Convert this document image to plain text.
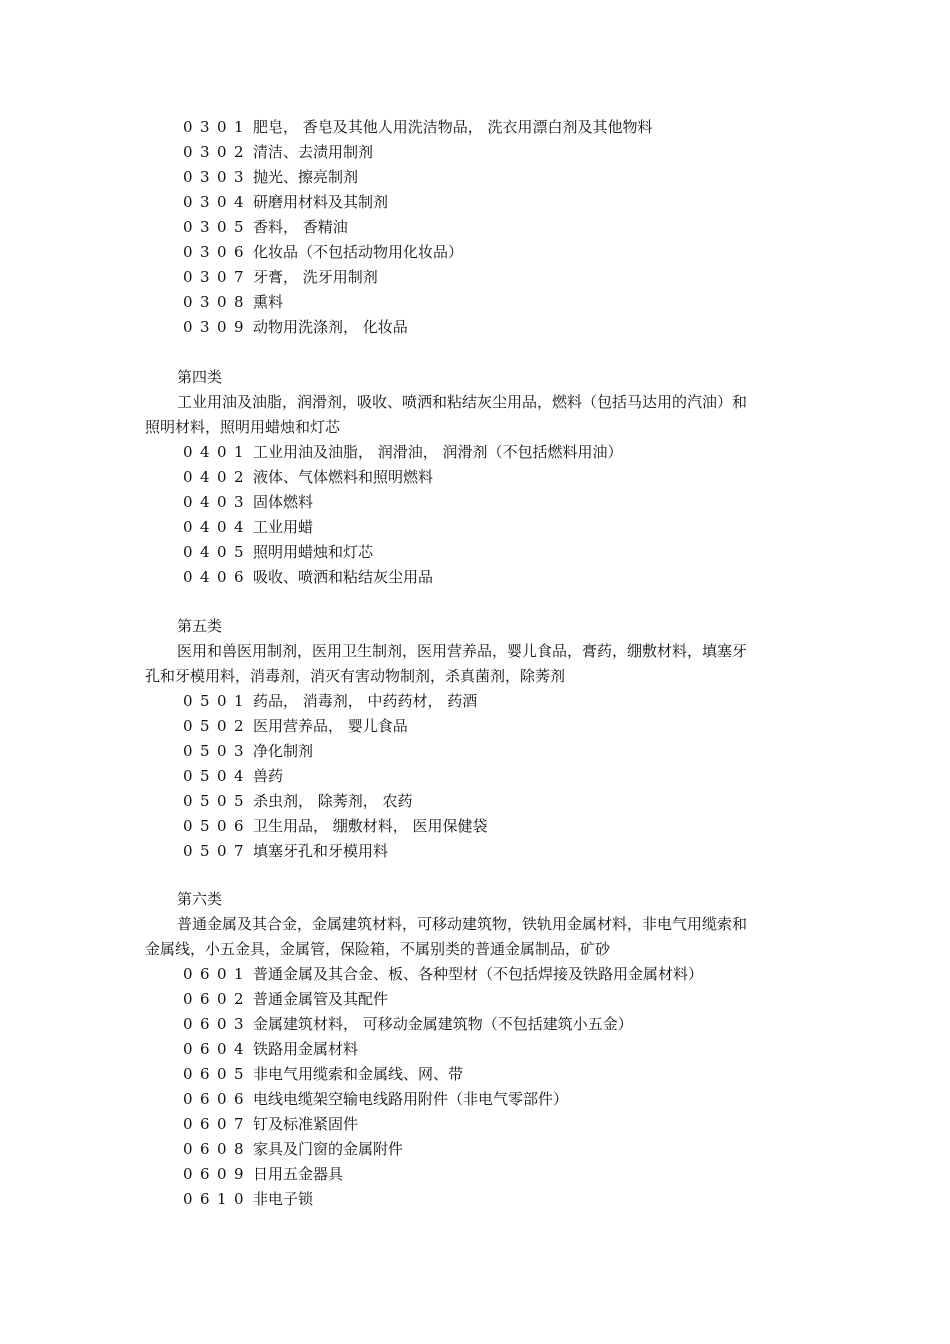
0 3 0 1 肥皂， 香皂及其他人用洗洁物品， 洗衣用漂白剂及其他物料
0 3 0 2 清洁、去渍用制剂
0 3 0 3 抛光、擦亮制剂
0 3 0 4 研磨用材料及其制剂
0 3 0 5 香料， 香精油
0 3 0 6 化妆品（不包括动物用化妆品）
0 3 0 7 牙膏， 洗牙用制剂
0 3 0 8 熏料
0 3 0 9 动物用洗涤剂， 化妆品
第四类
工业用油及油脂，润滑剂，吸收、喷洒和粘结灰尘用品，燃料（包括马达用的汽油）和
照明材料，照明用蜡烛和灯芯
0 4 0 1 工业用油及油脂， 润滑油， 润滑剂（不包括燃料用油）
0 4 0 2 液体、气体燃料和照明燃料
0 4 0 3 固体燃料
0 4 0 4 工业用蜡
0 4 0 5 照明用蜡烛和灯芯
0 4 0 6 吸收、喷洒和粘结灰尘用品
第五类
医用和兽医用制剂，医用卫生制剂，医用营养品，婴儿食品，膏药，绷敷材料，填塞牙
孔和牙模用料，消毒剂，消灭有害动物制剂，杀真菌剂，除莠剂
0 5 0 1 药品， 消毒剂， 中药药材， 药酒
0 5 0 2 医用营养品， 婴儿食品
0 5 0 3 净化制剂
0 5 0 4 兽药
0 5 0 5 杀虫剂， 除莠剂， 农药
0 5 0 6 卫生用品， 绷敷材料， 医用保健袋
0 5 0 7 填塞牙孔和牙模用料
第六类
普通金属及其合金，金属建筑材料，可移动建筑物，铁轨用金属材料，非电气用缆索和
金属线，小五金具，金属管，保险箱，不属别类的普通金属制品，矿砂
0 6 0 1 普通金属及其合金、板、各种型材（不包括焊接及铁路用金属材料）
0 6 0 2 普通金属管及其配件
0 6 0 3 金属建筑材料， 可移动金属建筑物（不包括建筑小五金）
0 6 0 4 铁路用金属材料
0 6 0 5 非电气用缆索和金属线、网、带
0 6 0 6 电线电缆架空输电线路用附件（非电气零部件）
0 6 0 7 钉及标准紧固件
0 6 0 8 家具及门窗的金属附件
0 6 0 9 日用五金器具
0 6 1 0 非电子锁
